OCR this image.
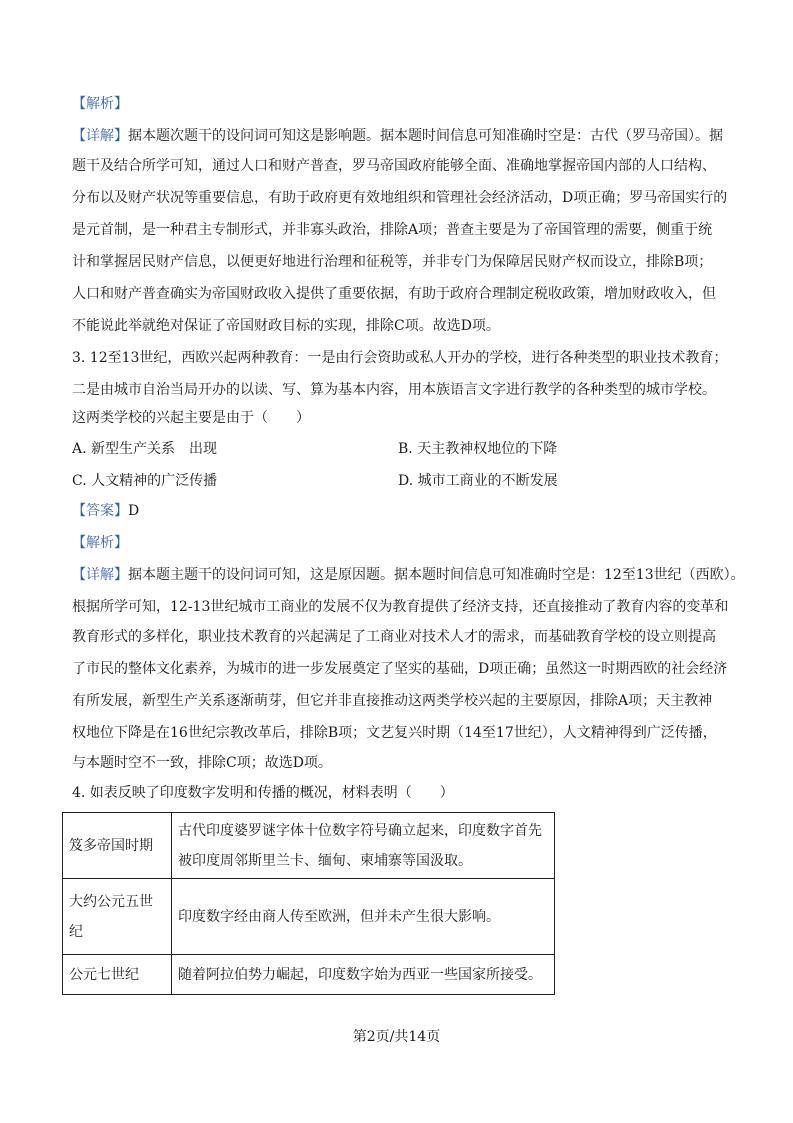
【解析】
【详解】据本题次题干的设问词可知这是影响题。据本题时间信息可知准确时空是：古代（罗马帝国）。据
题干及结合所学可知，通过人口和财产普查，罗马帝国政府能够全面、准确地掌握帝国内部的人口结构、
分布以及财产状况等重要信息，有助于政府更有效地组织和管理社会经济活动，D项正确；罗马帝国实行的
是元首制，是一种君主专制形式，并非寡头政治，排除A项；普查主要是为了帝国管理的需要，侧重于统
计和掌握居民财产信息，以便更好地进行治理和征税等，并非专门为保障居民财产权而设立，排除B项；
人口和财产普查确实为帝国财政收入提供了重要依据，有助于政府合理制定税收政策，增加财政收入，但
不能说此举就绝对保证了帝国财政目标的实现，排除C项。故选D项。
3. 12至13世纪，西欧兴起两种教育：一是由行会资助或私人开办的学校，进行各种类型的职业技术教育；
二是由城市自治当局开办的以读、写、算为基本内容，用本族语言文字进行教学的各种类型的城市学校。
这两类学校的兴起主要是由于（　　）
A. 新型生产关系　出现	B. 天主教神权地位的下降
C. 人文精神的广泛传播	D. 城市工商业的不断发展
【答案】D
【解析】
【详解】据本题主题干的设问词可知，这是原因题。据本题时间信息可知准确时空是：12至13世纪（西欧）。
根据所学可知，12-13世纪城市工商业的发展不仅为教育提供了经济支持，还直接推动了教育内容的变革和
教育形式的多样化，职业技术教育的兴起满足了工商业对技术人才的需求，而基础教育学校的设立则提高
了市民的整体文化素养，为城市的进一步发展奠定了坚实的基础，D项正确；虽然这一时期西欧的社会经济
有所发展，新型生产关系逐渐萌芽，但它并非直接推动这两类学校兴起的主要原因，排除A项；天主教神
权地位下降是在16世纪宗教改革后，排除B项；文艺复兴时期（14至17世纪），人文精神得到广泛传播，
与本题时空不一致，排除C项；故选D项。
4. 如表反映了印度数字发明和传播的概况，材料表明（　　）
笈多帝国时期	古代印度婆罗谜字体十位数字符号确立起来，印度数字首先
被印度周邻斯里兰卡、缅甸、柬埔寨等国汲取。

大约公元五世
纪	印度数字经由商人传至欧洲，但并未产生很大影响。
公元七世纪	随着阿拉伯势力崛起，印度数字始为西亚一些国家所接受。
第2页/共14页
